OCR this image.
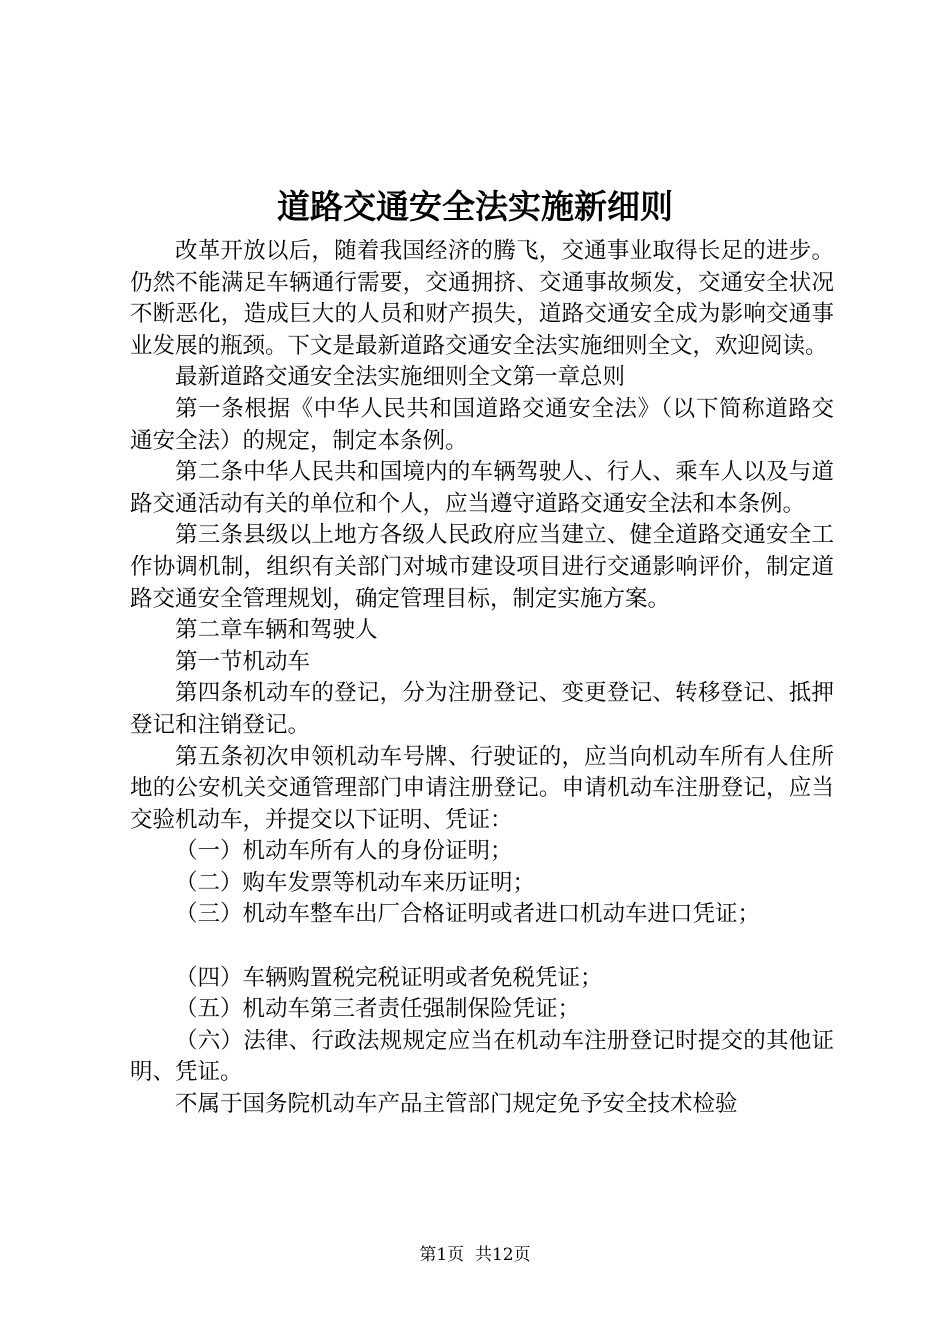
道路交通安全法实施新细则

改革开放以后，随着我国经济的腾飞，交通事业取得长足的进步。仍然不能满足车辆通行需要，交通拥挤、交通事故频发，交通安全状况不断恶化，造成巨大的人员和财产损失，道路交通安全成为影响交通事业发展的瓶颈。下文是最新道路交通安全法实施细则全文，欢迎阅读。

最新道路交通安全法实施细则全文第一章总则

第一条根据《中华人民共和国道路交通安全法》（以下简称道路交通安全法）的规定，制定本条例。

第二条中华人民共和国境内的车辆驾驶人、行人、乘车人以及与道路交通活动有关的单位和个人，应当遵守道路交通安全法和本条例。

第三条县级以上地方各级人民政府应当建立、健全道路交通安全工作协调机制，组织有关部门对城市建设项目进行交通影响评价，制定道路交通安全管理规划，确定管理目标，制定实施方案。

第二章车辆和驾驶人

第一节机动车

第四条机动车的登记，分为注册登记、变更登记、转移登记、抵押登记和注销登记。

第五条初次申领机动车号牌、行驶证的，应当向机动车所有人住所地的公安机关交通管理部门申请注册登记。申请机动车注册登记，应当交验机动车，并提交以下证明、凭证：

（一）机动车所有人的身份证明；

（二）购车发票等机动车来历证明；

（三）机动车整车出厂合格证明或者进口机动车进口凭证；

（四）车辆购置税完税证明或者免税凭证；

（五）机动车第三者责任强制保险凭证；

（六）法律、行政法规规定应当在机动车注册登记时提交的其他证明、凭证。

不属于国务院机动车产品主管部门规定免予安全技术检验

第1页  共12页
